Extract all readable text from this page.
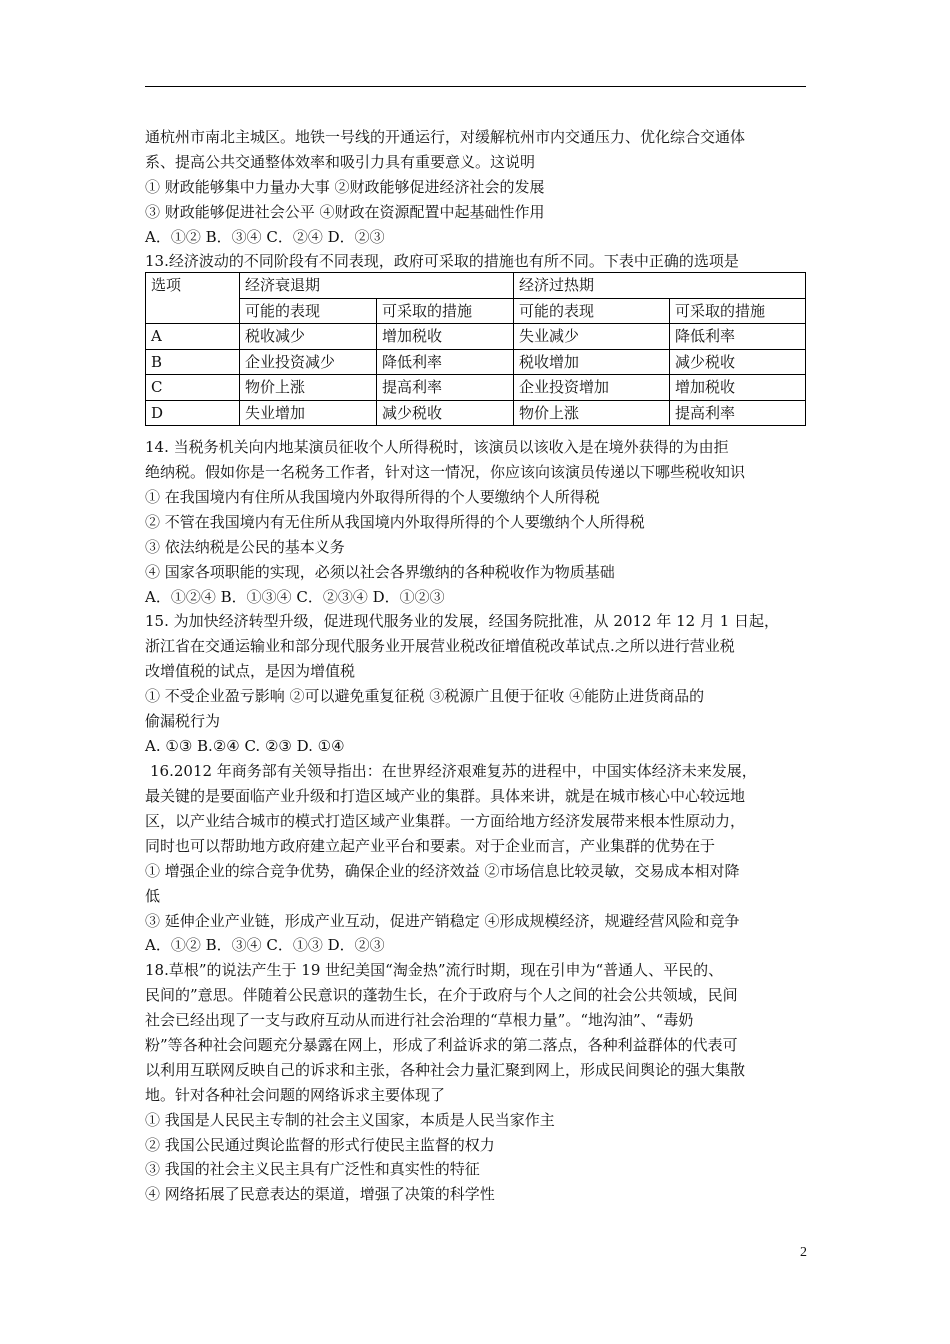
通杭州市南北主城区。地铁一号线的开通运行，对缓解杭州市内交通压力、优化综合交通体
系、提高公共交通整体效率和吸引力具有重要意义。这说明
① 财政能够集中力量办大事 ②财政能够促进经济社会的发展
③ 财政能够促进社会公平 ④财政在资源配置中起基础性作用
A．①② B．③④ C．②④ D．②③
13.经济波动的不同阶段有不同表现，政府可采取的措施也有所不同。下表中正确的选项是
选项	经济衰退期		经济过热期	
	可能的表现	可采取的措施	可能的表现	可采取的措施
A	税收减少	增加税收	失业减少	降低利率
B	企业投资减少	降低利率	税收增加	减少税收
C	物价上涨	提高利率	企业投资增加	增加税收
D	失业增加	减少税收	物价上涨	提高利率
14. 当税务机关向内地某演员征收个人所得税时，该演员以该收入是在境外获得的为由拒
绝纳税。假如你是一名税务工作者，针对这一情况，你应该向该演员传递以下哪些税收知识
① 在我国境内有住所从我国境内外取得所得的个人要缴纳个人所得税
② 不管在我国境内有无住所从我国境内外取得所得的个人要缴纳个人所得税
③ 依法纳税是公民的基本义务
④ 国家各项职能的实现，必须以社会各界缴纳的各种税收作为物质基础
A．①②④ B．①③④ C．②③④ D．①②③
15. 为加快经济转型升级，促进现代服务业的发展，经国务院批准，从 2012 年 12 月 1 日起，
浙江省在交通运输业和部分现代服务业开展营业税改征增值税改革试点.之所以进行营业税
改增值税的试点，是因为增值税
① 不受企业盈亏影响 ②可以避免重复征税 ③税源广且便于征收 ④能防止进货商品的
偷漏税行为
A. ①③ B.②④ C. ②③ D. ①④
16.2012 年商务部有关领导指出：在世界经济艰难复苏的进程中，中国实体经济未来发展，
最关键的是要面临产业升级和打造区域产业的集群。具体来讲，就是在城市核心中心较远地
区，以产业结合城市的模式打造区域产业集群。一方面给地方经济发展带来根本性原动力，
同时也可以帮助地方政府建立起产业平台和要素。对于企业而言，产业集群的优势在于
① 增强企业的综合竞争优势，确保企业的经济效益 ②市场信息比较灵敏，交易成本相对降
低
③ 延伸企业产业链，形成产业互动，促进产销稳定 ④形成规模经济，规避经营风险和竞争
A．①② B．③④ C．①③ D．②③
18.草根”的说法产生于 19 世纪美国“淘金热”流行时期，现在引申为“普通人、平民的、
民间的”意思。伴随着公民意识的蓬勃生长，在介于政府与个人之间的社会公共领域，民间
社会已经出现了一支与政府互动从而进行社会治理的“草根力量”。“地沟油”、“毒奶
粉”等各种社会问题充分暴露在网上，形成了利益诉求的第二落点，各种利益群体的代表可
以利用互联网反映自己的诉求和主张，各种社会力量汇聚到网上，形成民间舆论的强大集散
地。针对各种社会问题的网络诉求主要体现了
① 我国是人民民主专制的社会主义国家，本质是人民当家作主
② 我国公民通过舆论监督的形式行使民主监督的权力
③ 我国的社会主义民主具有广泛性和真实性的特征
④ 网络拓展了民意表达的渠道，增强了决策的科学性
2
